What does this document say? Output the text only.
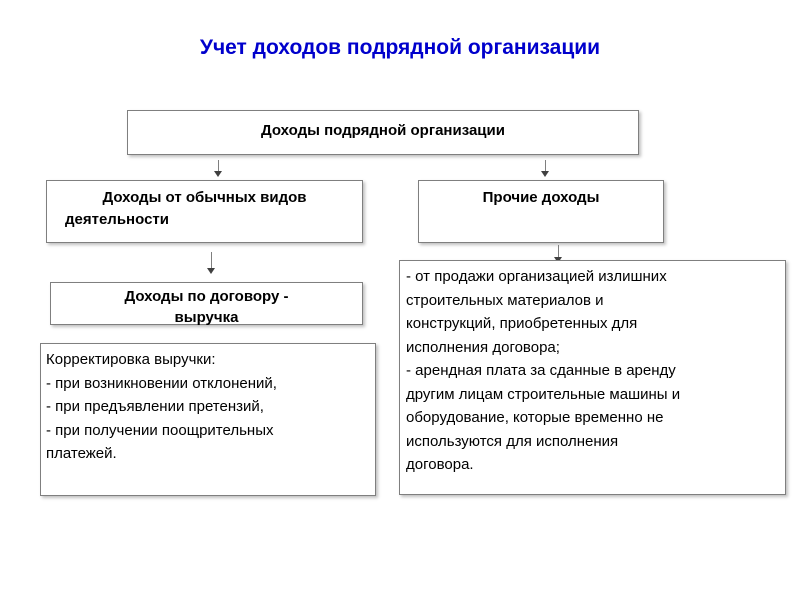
Учет доходов подрядной организации
Доходы подрядной организации
Доходы от обычных видов
деятельности
Прочие доходы
Доходы по договору -
выручка
Корректировка выручки:
- при возникновении отклонений,
- при предъявлении претензий,
- при получении поощрительных
платежей.
- от продажи организацией излишних
строительных материалов и
конструкций, приобретенных для
исполнения договора;
- арендная плата за сданные в аренду
другим лицам строительные машины и
оборудование, которые временно не
используются для исполнения
договора.
